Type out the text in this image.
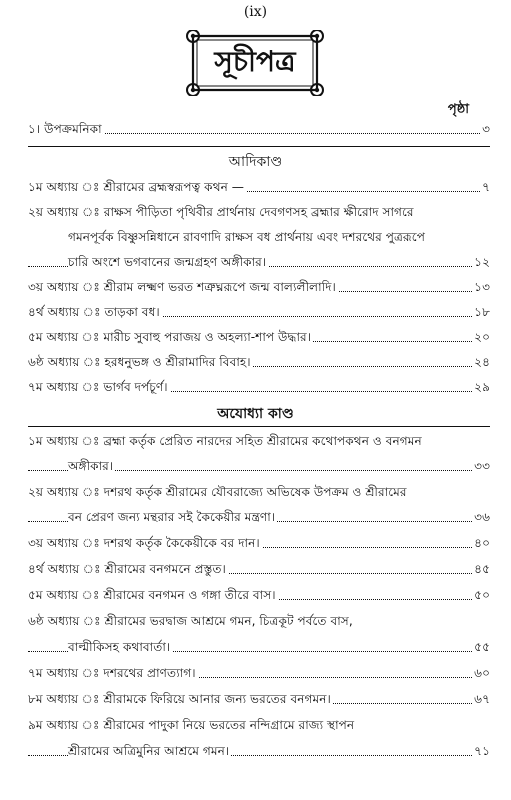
(ix)
সূচীপত্র
পৃষ্ঠা
১। উপক্রমনিকা	৩
আদিকাণ্ড
১ম অধ্যায় ঃ শ্রীরামের ব্রহ্মস্বরূপত্ব কথন —	৭
২য় অধ্যায় ঃ রাক্ষস পীড়িতা পৃথিবীর প্রার্থনায় দেবগণসহ ব্রহ্মার ক্ষীরোদ সাগরে
গমনপূর্বক বিষ্ণুসন্নিধানে রাবণাদি রাক্ষস বধ প্রার্থনায় এবং দশরথের পুত্ররূপে
চারি অংশে ভগবানের জন্মগ্রহণ অঙ্গীকার।	১২
৩য় অধ্যায় ঃ শ্রীরাম লক্ষ্মণ ভরত শত্রুঘ্নরূপে জন্ম বাল্যলীলাদি।	১৩
৪র্থ অধ্যায় ঃ তাড়কা বধ।	১৮
৫ম অধ্যায় ঃ মারীচ সুবাহু পরাজয় ও অহল্যা-শাপ উদ্ধার।	২০
৬ষ্ঠ অধ্যায় ঃ হরধনুভঙ্গ ও শ্রীরামাদির বিবাহ।	২৪
৭ম অধ্যায় ঃ ভার্গব দর্পচূর্ণ।	২৯
অযোধ্যা কাণ্ড
১ম অধ্যায় ঃ ব্রহ্মা কর্তৃক প্রেরিত নারদের সহিত শ্রীরামের কথোপকথন ও বনগমন
অঙ্গীকার।	৩৩
২য় অধ্যায় ঃ দশরথ কর্তৃক শ্রীরামের যৌবরাজ্যে অভিষেক উপক্রম ও শ্রীরামের
বন প্রেরণ জন্য মন্থরার সই কৈকেয়ীর মন্ত্রণা।	৩৬
৩য় অধ্যায় ঃ দশরথ কর্তৃক কৈকেয়ীকে বর দান।	৪০
৪র্থ অধ্যায় ঃ শ্রীরামের বনগমনে প্রস্তুত।	৪৫
৫ম অধ্যায় ঃ শ্রীরামের বনগমন ও গঙ্গা তীরে বাস।	৫০
৬ষ্ঠ অধ্যায় ঃ শ্রীরামের ভরদ্বাজ আশ্রমে গমন, চিত্রকূট পর্বতে বাস,
বাল্মীকিসহ কথাবার্তা।	৫৫
৭ম অধ্যায় ঃ দশরথের প্রাণত্যাগ।	৬০
৮ম অধ্যায় ঃ শ্রীরামকে ফিরিয়ে আনার জন্য ভরতের বনগমন।	৬৭
৯ম অধ্যায় ঃ শ্রীরামের পাদুকা নিয়ে ভরতের নন্দিগ্রামে রাজ্য স্থাপন
শ্রীরামের অত্রিমুনির আশ্রমে গমন।	৭১
